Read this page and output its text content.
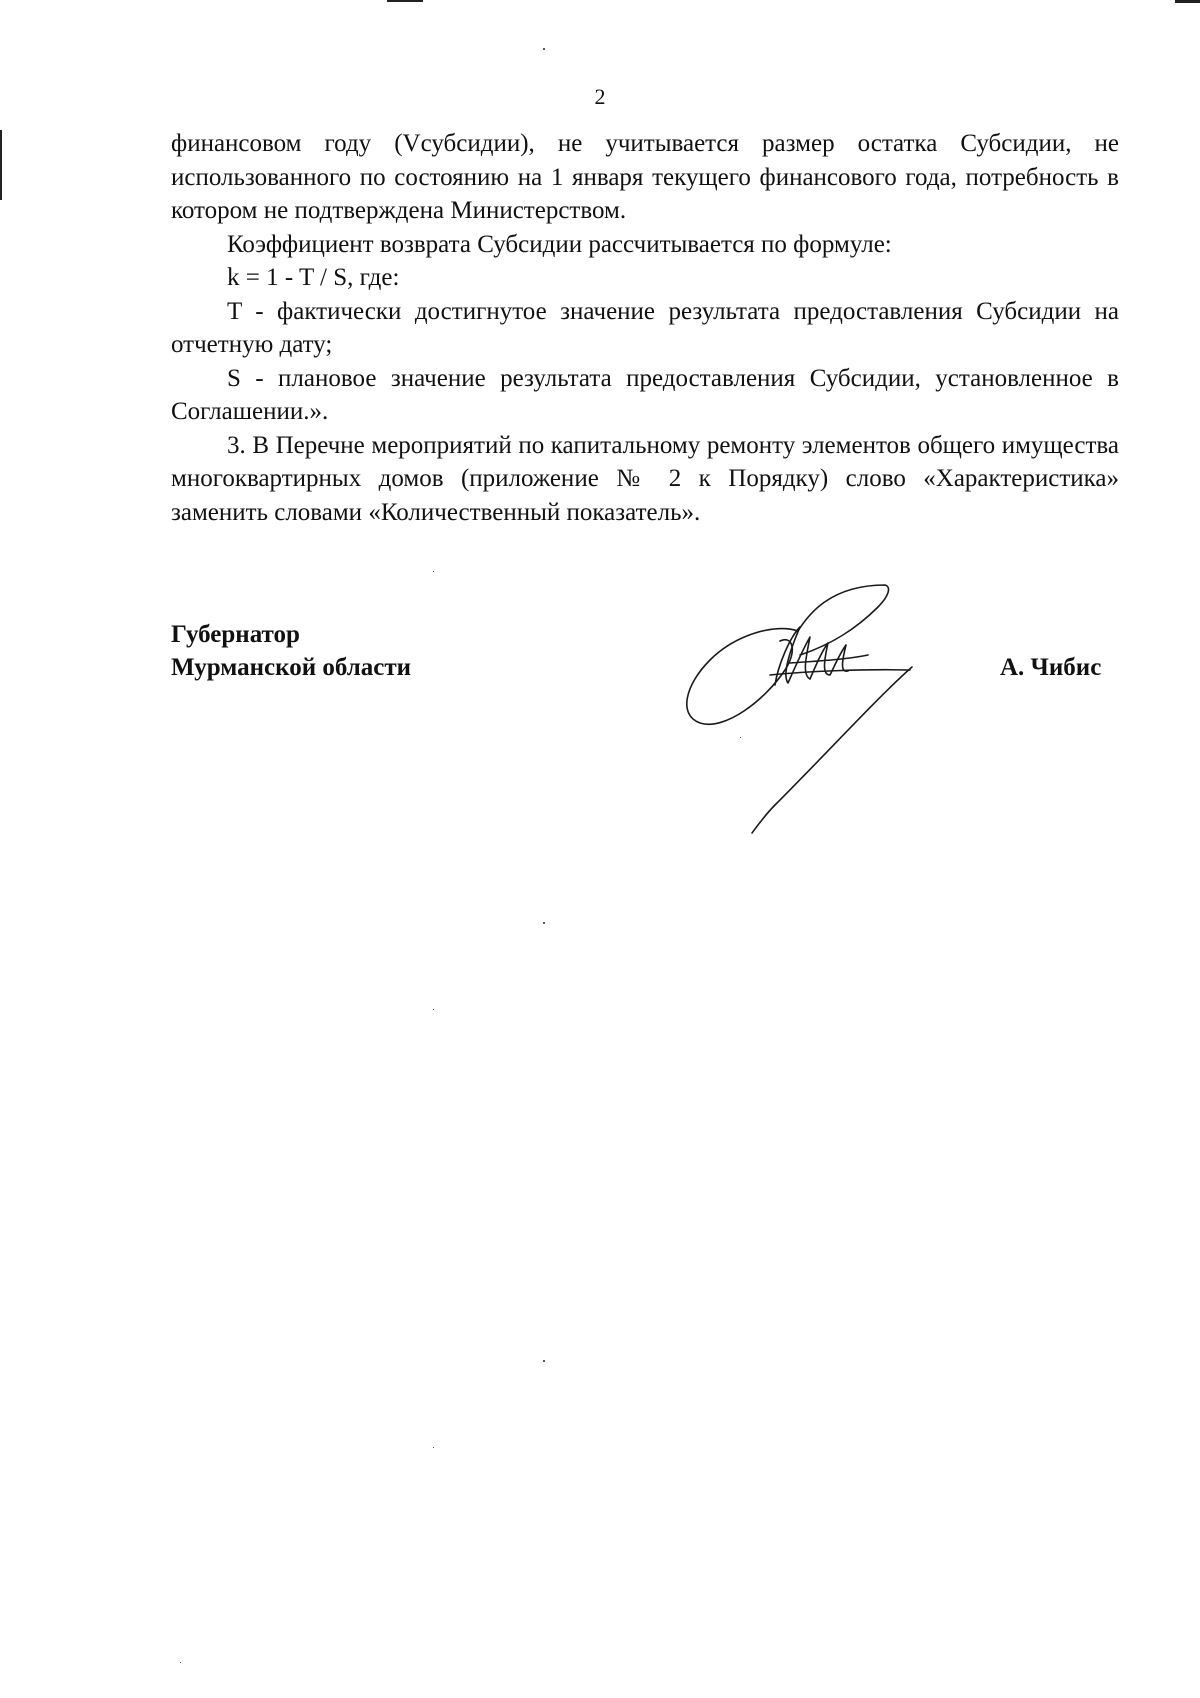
2

финансовом году (Vсубсидии), не учитывается размер остатка Субсидии, не использованного по состоянию на 1 января текущего финансового года, потребность в котором не подтверждена Министерством.

Коэффициент возврата Субсидии рассчитывается по формуле:

k = 1 - T / S, где:

T - фактически достигнутое значение результата предоставления Субсидии на отчетную дату;

S - плановое значение результата предоставления Субсидии, установленное в Соглашении.».

3. В Перечне мероприятий по капитальному ремонту элементов общего имущества многоквартирных домов (приложение № 2 к Порядку) слово «Характеристика» заменить словами «Количественный показатель».

Губернатор
Мурманской области	А. Чибис
